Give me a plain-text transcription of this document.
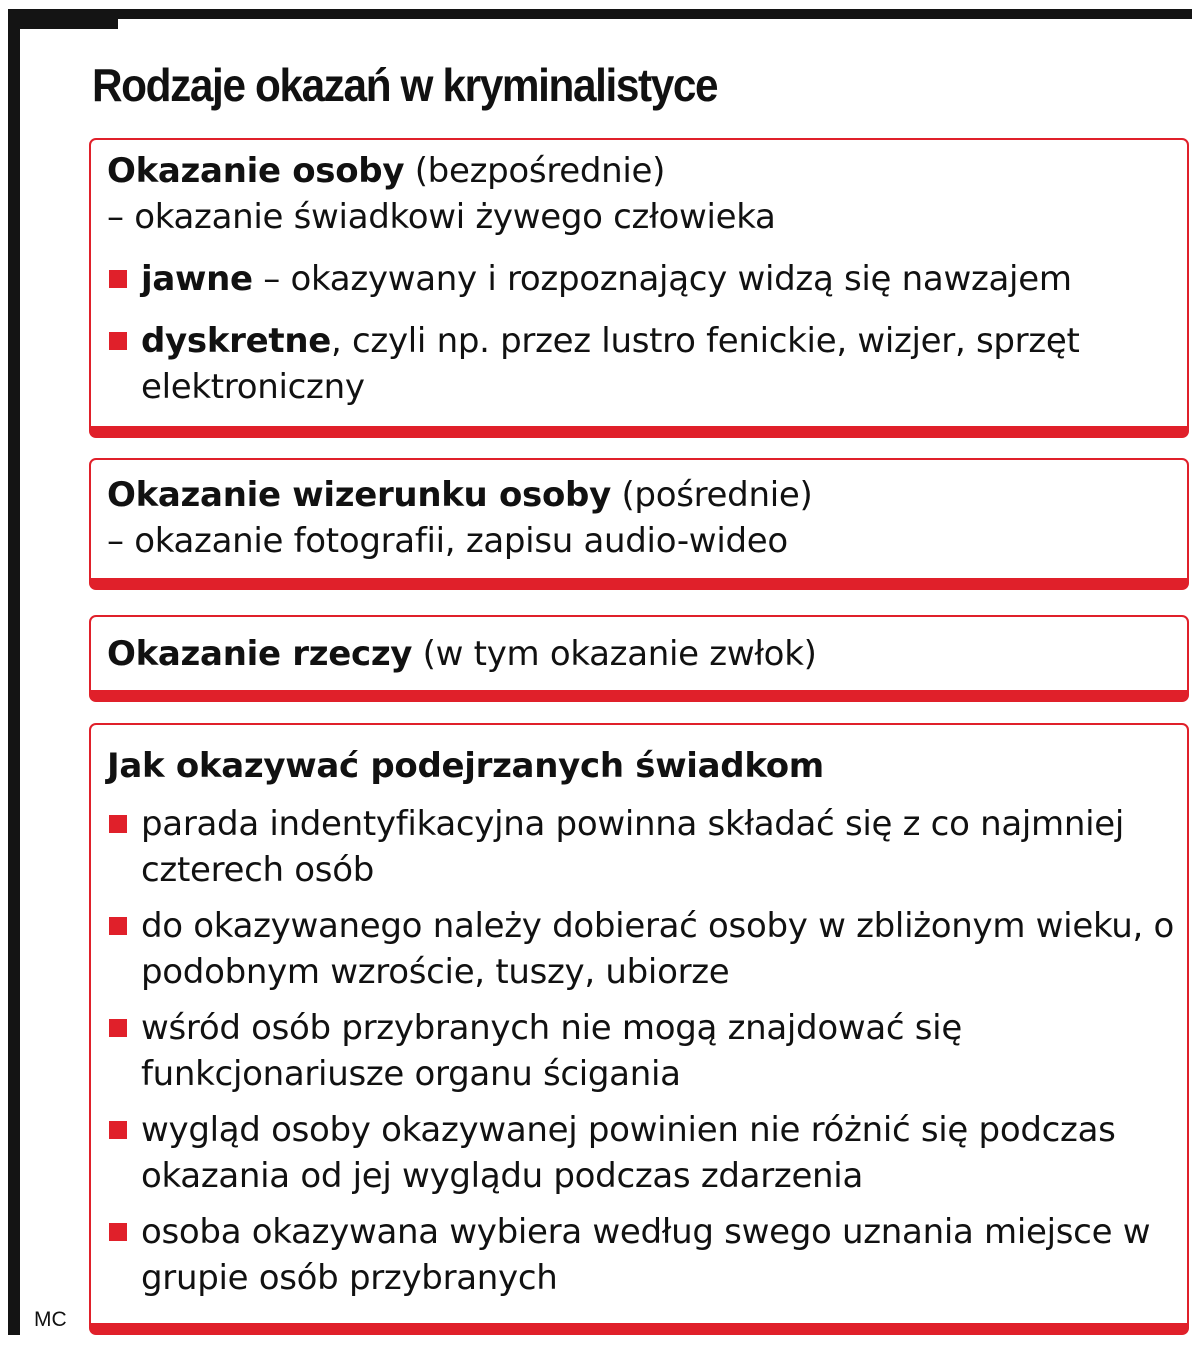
Rodzaje okazań w kryminalistyce
Okazanie osoby (bezpośrednie)
– okazanie świadkowi żywego człowieka
jawne – okazywany i rozpoznający widzą się nawzajem
dyskretne, czyli np. przez lustro fenickie, wizjer, sprzęt elektroniczny
Okazanie wizerunku osoby (pośrednie)
– okazanie fotografii, zapisu audio-wideo
Okazanie rzeczy (w tym okazanie zwłok)
Jak okazywać podejrzanych świadkom
parada indentyfikacyjna powinna składać się z co najmniej czterech osób
do okazywanego należy dobierać osoby w zbliżonym wieku, o podobnym wzroście, tuszy, ubiorze
wśród osób przybranych nie mogą znajdować się funkcjonariusze organu ścigania
wygląd osoby okazywanej powinien nie różnić się podczas okazania od jej wyglądu podczas zdarzenia
osoba okazywana wybiera według swego uznania miejsce w grupie osób przybranych
MC
